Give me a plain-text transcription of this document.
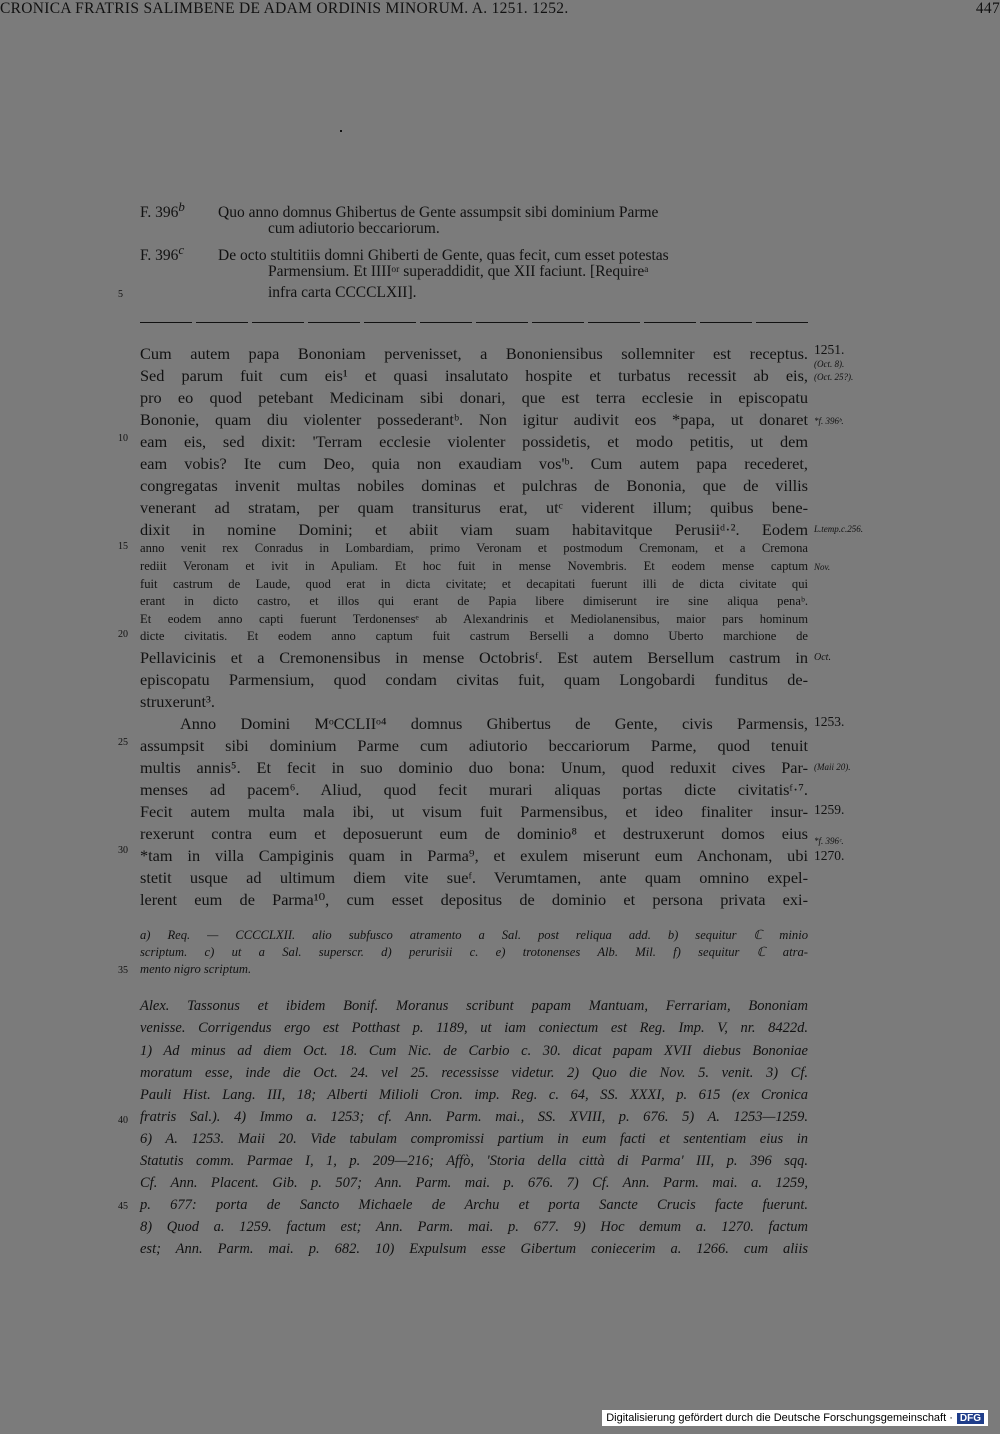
CRONICA FRATRIS SALIMBENE DE ADAM ORDINIS MINORUM. A. 1251. 1252.	447
F. 396$^b$ Quo anno domnus Ghibertus de Gente assumpsit sibi dominium Parme
cum adiutorio beccariorum.
F. 396$^c$ De octo stultitiis domni Ghiberti de Gente, quas fecit, cum esset potestas
Parmensium. Et IIIIᵒʳ superaddidit, que XII faciunt. [Requireᵃ
infra carta CCCCLXII].
5
10
15
20
25
30
35
40
45
Cum autem papa Bononiam pervenisset, a Bononiensibus sollemniter est receptus.
Sed parum fuit cum eis¹ et quasi insalutato hospite et turbatus recessit ab eis,
pro eo quod petebant Medicinam sibi donari, que est terra ecclesie in episcopatu
Bononie, quam diu violenter possederantᵇ. Non igitur audivit eos *papa, ut donaret
eam eis, sed dixit: 'Terram ecclesie violenter possidetis, et modo petitis, ut dem
eam vobis? Ite cum Deo, quia non exaudiam vos'ᵇ. Cum autem papa recederet,
congregatas invenit multas nobiles dominas et pulchras de Bononia, que de villis
venerant ad stratam, per quam transiturus erat, utᶜ viderent illum; quibus bene-
dixit in nomine Domini; et abiit viam suam habitavitque Perusiiᵈ·². Eodem
anno venit rex Conradus in Lombardiam, primo Veronam et postmodum Cremonam, et a Cremona
rediit Veronam et ivit in Apuliam. Et hoc fuit in mense Novembris. Et eodem mense captum
fuit castrum de Laude, quod erat in dicta civitate; et decapitati fuerunt illi de dicta civitate qui
erant in dicto castro, et illos qui erant de Papia libere dimiserunt ire sine aliqua penaᵇ.
Et eodem anno capti fuerunt Terdonensesᵉ ab Alexandrinis et Mediolanensibus, maior pars hominum
dicte civitatis. Et eodem anno captum fuit castrum Berselli a domno Uberto marchione de
Pellavicinis et a Cremonensibus in mense Octobrisᶠ. Est autem Bersellum castrum in
episcopatu Parmensium, quod condam civitas fuit, quam Longobardi funditus de-
struxerunt³.
Anno Domini MᵒCCLIIᵒ⁴ domnus Ghibertus de Gente, civis Parmensis,
assumpsit sibi dominium Parme cum adiutorio beccariorum Parme, quod tenuit
multis annis⁵. Et fecit in suo dominio duo bona: Unum, quod reduxit cives Par-
menses ad pacem⁶. Aliud, quod fecit murari aliquas portas dicte civitatisᶠ·⁷.
Fecit autem multa mala ibi, ut visum fuit Parmensibus, et ideo finaliter insur-
rexerunt contra eum et deposuerunt eum de dominio⁸ et destruxerunt domos eius
*tam in villa Campiginis quam in Parma⁹, et exulem miserunt eum Anchonam, ubi
stetit usque ad ultimum diem vite sueᶠ. Verumtamen, ante quam omnino expel-
lerent eum de Parma¹⁰, cum esset depositus de dominio et persona privata exi-
1251.
(Oct. 8).
(Oct. 25?).
*f. 396ᵇ.
L.temp.c.256.
Nov.
Oct.
1253.
(Maii 20).
1259.
*f. 396ᶜ.
1270.
a) Req. — CCCCLXII. alio subfusco atramento a Sal. post reliqua add. b) sequitur ℂ minio
scriptum. c) ut a Sal. superscr. d) perurisii c. e) trotonenses Alb. Mil. f) sequitur ℂ atra-
mento nigro scriptum.
Alex. Tassonus et ibidem Bonif. Moranus scribunt papam Mantuam, Ferrariam, Bononiam
venisse. Corrigendus ergo est Potthast p. 1189, ut iam coniectum est Reg. Imp. V, nr. 8422d.
1) Ad minus ad diem Oct. 18. Cum Nic. de Carbio c. 30. dicat papam XVII diebus Bononiae
moratum esse, inde die Oct. 24. vel 25. recessisse videtur. 2) Quo die Nov. 5. venit. 3) Cf.
Pauli Hist. Lang. III, 18; Alberti Milioli Cron. imp. Reg. c. 64, SS. XXXI, p. 615 (ex Cronica
fratris Sal.). 4) Immo a. 1253; cf. Ann. Parm. mai., SS. XVIII, p. 676. 5) A. 1253—1259.
6) A. 1253. Maii 20. Vide tabulam compromissi partium in eum facti et sententiam eius in
Statutis comm. Parmae I, 1, p. 209—216; Affò, 'Storia della città di Parma' III, p. 396 sqq.
Cf. Ann. Placent. Gib. p. 507; Ann. Parm. mai. p. 676. 7) Cf. Ann. Parm. mai. a. 1259,
p. 677: porta de Sancto Michaele de Archu et porta Sancte Crucis facte fuerunt.
8) Quod a. 1259. factum est; Ann. Parm. mai. p. 677. 9) Hoc demum a. 1270. factum
est; Ann. Parm. mai. p. 682. 10) Expulsum esse Gibertum coniecerim a. 1266. cum aliis
Digitalisierung gefördert durch die Deutsche Forschungsgemeinschaft · DFG
